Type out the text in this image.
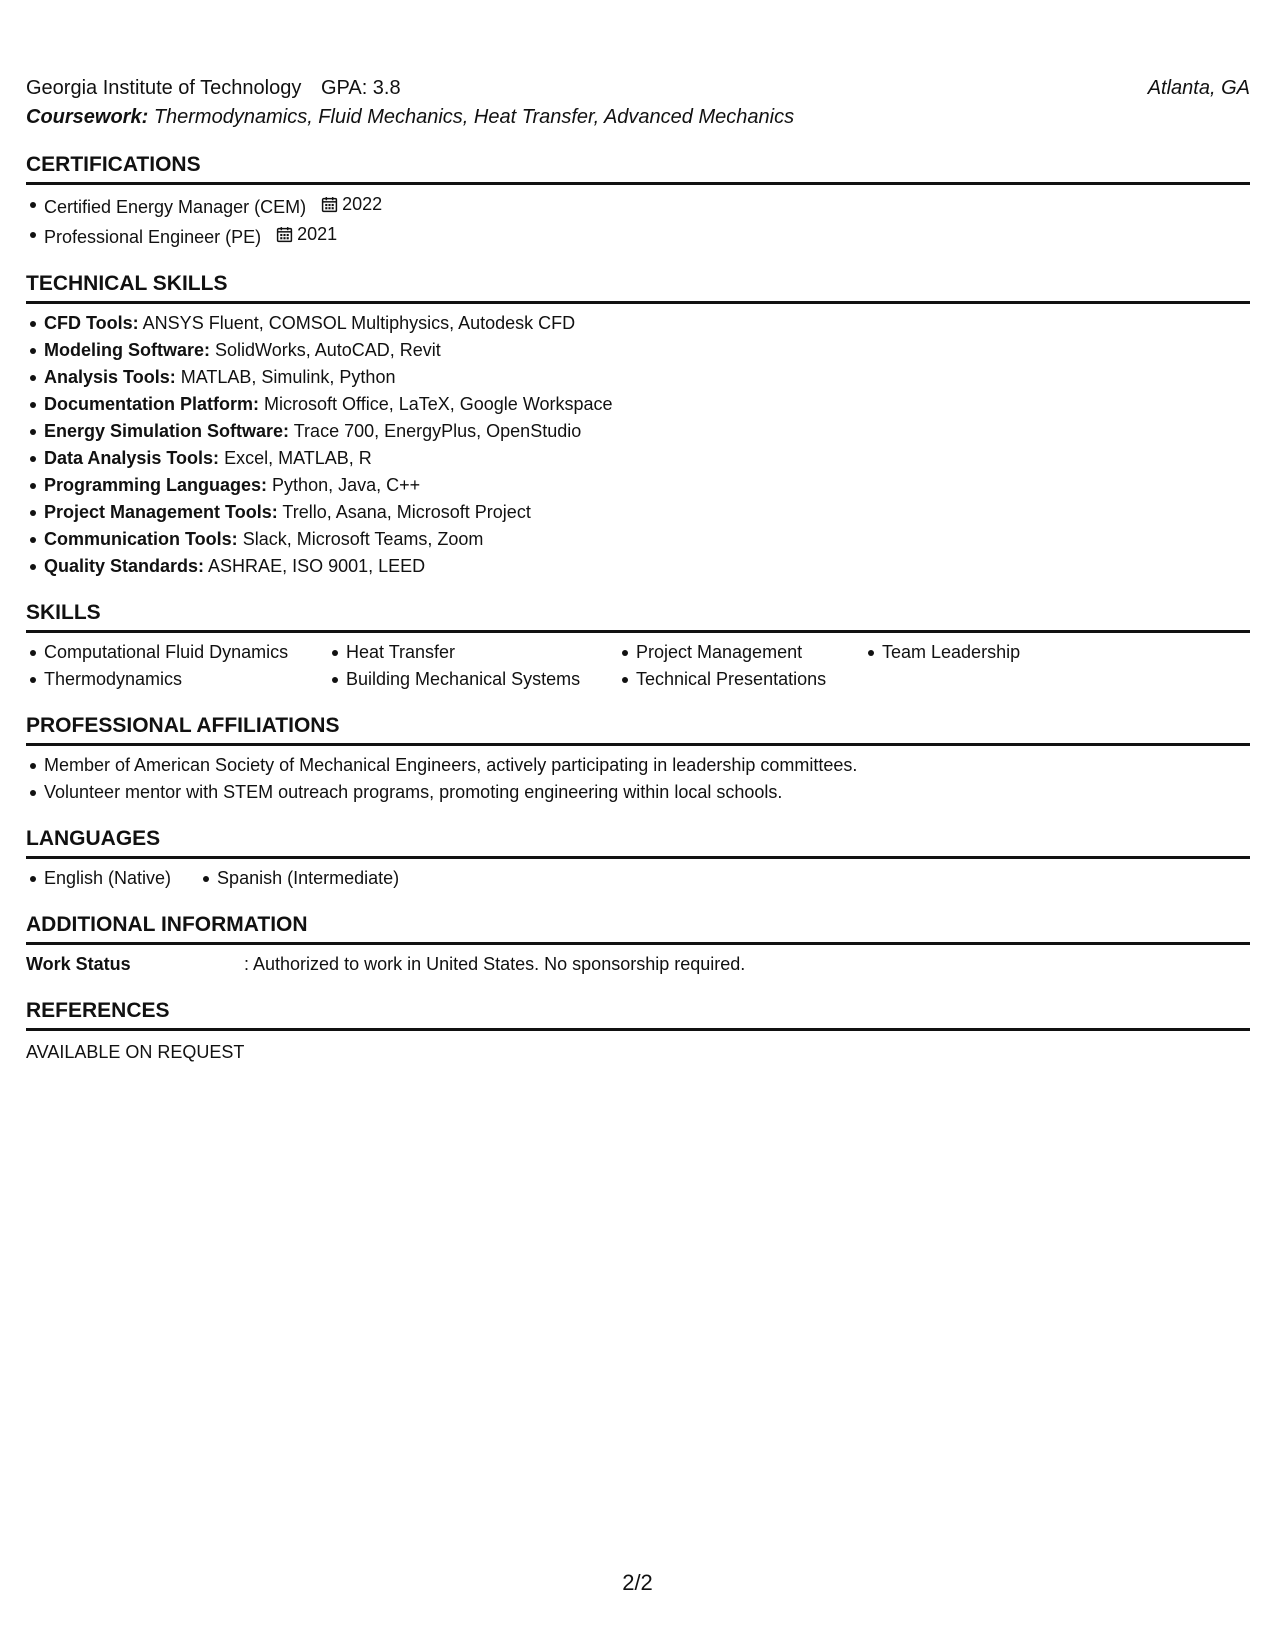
Georgia Institute of Technology GPA: 3.8	Atlanta, GA
Coursework: Thermodynamics, Fluid Mechanics, Heat Transfer, Advanced Mechanics
CERTIFICATIONS
Certified Energy Manager (CEM) 2022
Professional Engineer (PE) 2021
TECHNICAL SKILLS
CFD Tools: ANSYS Fluent, COMSOL Multiphysics, Autodesk CFD
Modeling Software: SolidWorks, AutoCAD, Revit
Analysis Tools: MATLAB, Simulink, Python
Documentation Platform: Microsoft Office, LaTeX, Google Workspace
Energy Simulation Software: Trace 700, EnergyPlus, OpenStudio
Data Analysis Tools: Excel, MATLAB, R
Programming Languages: Python, Java, C++
Project Management Tools: Trello, Asana, Microsoft Project
Communication Tools: Slack, Microsoft Teams, Zoom
Quality Standards: ASHRAE, ISO 9001, LEED
SKILLS
Computational Fluid Dynamics	Heat Transfer	Project Management	Team Leadership
Thermodynamics	Building Mechanical Systems	Technical Presentations
PROFESSIONAL AFFILIATIONS
Member of American Society of Mechanical Engineers, actively participating in leadership committees.
Volunteer mentor with STEM outreach programs, promoting engineering within local schools.
LANGUAGES
English (Native)	Spanish (Intermediate)
ADDITIONAL INFORMATION
Work Status	: Authorized to work in United States. No sponsorship required.
REFERENCES
AVAILABLE ON REQUEST
2/2
